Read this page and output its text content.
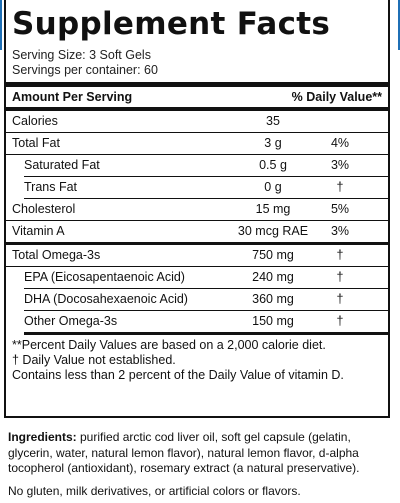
Supplement Facts
Serving Size: 3 Soft Gels
Servings per container: 60
Amount Per Serving	% Daily Value**
Calories	35
Total Fat	3 g	4%
Saturated Fat	0.5 g	3%
Trans Fat	0 g	†
Cholesterol	15 mg	5%
Vitamin A	30 mcg RAE	3%
Total Omega-3s	750 mg	†
EPA (Eicosapentaenoic Acid)	240 mg	†
DHA (Docosahexaenoic Acid)	360 mg	†
Other Omega-3s	150 mg	†
**Percent Daily Values are based on a 2,000 calorie diet.
† Daily Value not established.
Contains less than 2 percent of the Daily Value of vitamin D.
Ingredients: purified arctic cod liver oil, soft gel capsule (gelatin, glycerin, water, natural lemon flavor), natural lemon flavor, d-alpha tocopherol (antioxidant), rosemary extract (a natural preservative).
No gluten, milk derivatives, or artificial colors or flavors.
